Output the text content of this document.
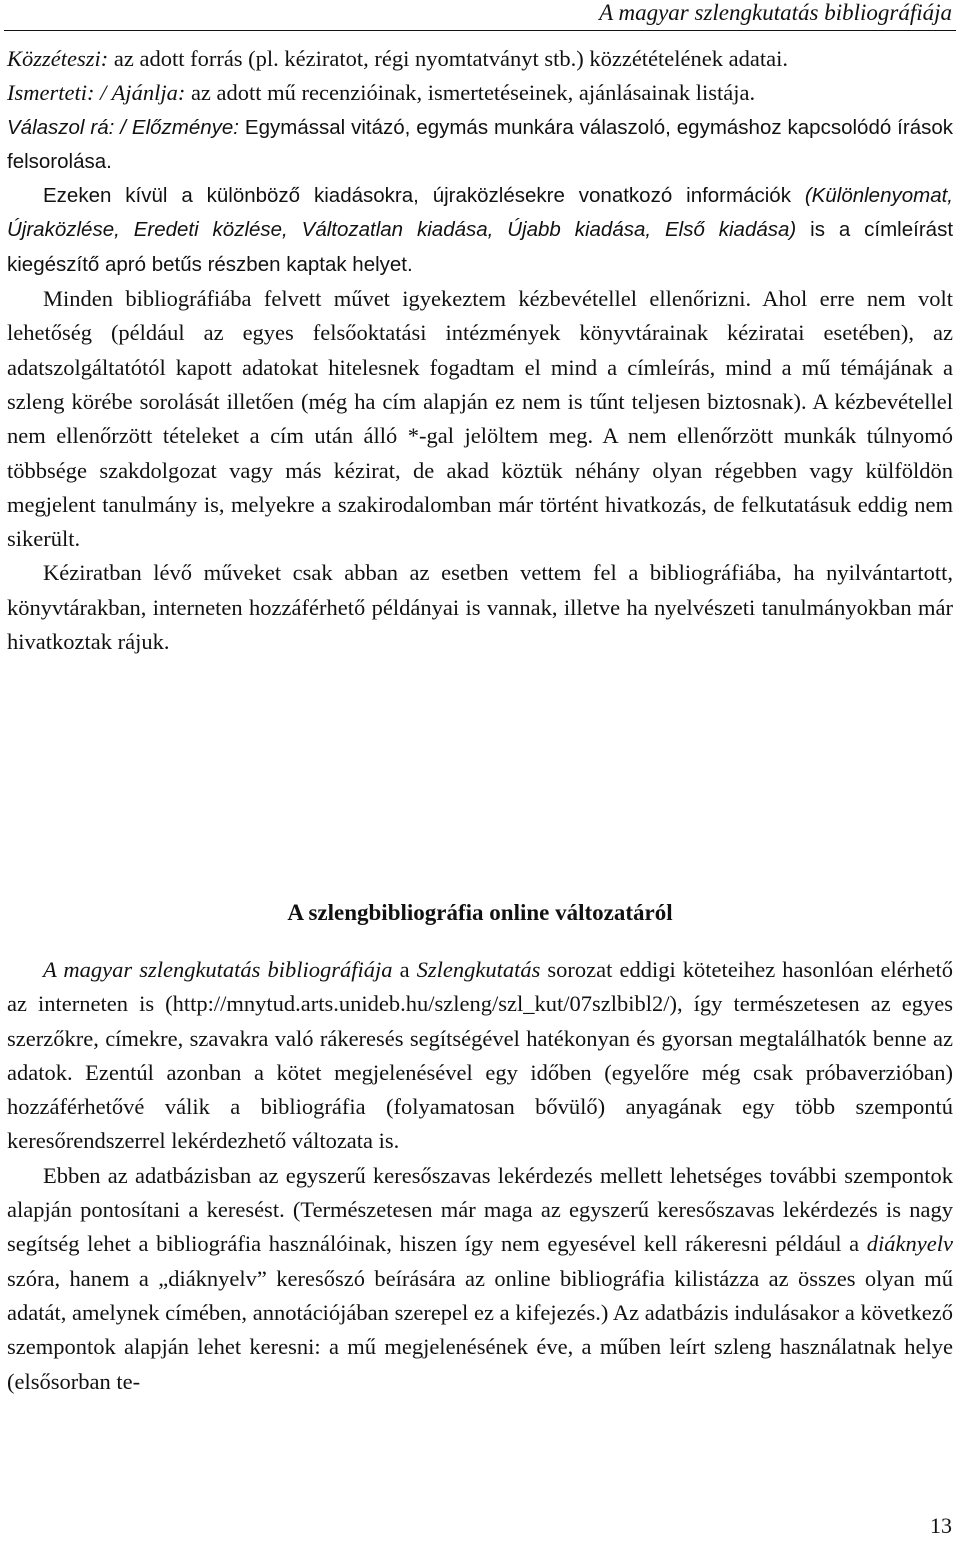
A magyar szlengkutatás bibliográfiája

Közzéteszi: az adott forrás (pl. kéziratot, régi nyomtatványt stb.) közzétételének adatai.

Ismerteti: / Ajánlja: az adott mű recenzióinak, ismertetéseinek, ajánlásainak listája.

Válaszol rá: / Előzménye: Egymással vitázó, egymás munkára válaszoló, egymáshoz kapcsolódó írások felsorolása.

Ezeken kívül a különböző kiadásokra, újraközlésekre vonatkozó információk (Különlenyomat, Újraközlése, Eredeti közlése, Változatlan kiadása, Újabb kiadása, Első kiadása) is a címleírást kiegészítő apró betűs részben kaptak helyet.

Minden bibliográfiába felvett művet igyekeztem kézbevétellel ellenőrizni. Ahol erre nem volt lehetőség (például az egyes felsőoktatási intézmények könyvtárainak kéziratai esetében), az adatszolgáltatótól kapott adatokat hitelesnek fogadtam el mind a címleírás, mind a mű témájának a szleng körébe sorolását illetően (még ha cím alapján ez nem is tűnt teljesen biztosnak). A kézbevétellel nem ellenőrzött tételeket a cím után álló *-gal jelöltem meg. A nem ellenőrzött munkák túlnyomó többsége szakdolgozat vagy más kézirat, de akad köztük néhány olyan régebben vagy külföldön megjelent tanulmány is, melyekre a szakirodalomban már történt hivatkozás, de felkutatásuk eddig nem sikerült.

Kéziratban lévő műveket csak abban az esetben vettem fel a bibliográfiába, ha nyilvántartott, könyvtárakban, interneten hozzáférhető példányai is vannak, illetve ha nyelvészeti tanulmányokban már hivatkoztak rájuk.

A szlengbibliográfia online változatáról

A magyar szlengkutatás bibliográfiája a Szlengkutatás sorozat eddigi köteteihez hasonlóan elérhető az interneten is (http://mnytud.arts.unideb.hu/szleng/szl_kut/07szlbibl2/), így természetesen az egyes szerzőkre, címekre, szavakra való rákeresés segítségével hatékonyan és gyorsan megtalálhatók benne az adatok. Ezentúl azonban a kötet megjelenésével egy időben (egyelőre még csak próbaverzióban) hozzáférhetővé válik a bibliográfia (folyamatosan bővülő) anyagának egy több szempontú keresőrendszerrel lekérdezhető változata is.

Ebben az adatbázisban az egyszerű keresőszavas lekérdezés mellett lehetséges további szempontok alapján pontosítani a keresést. (Természetesen már maga az egyszerű keresőszavas lekérdezés is nagy segítség lehet a bibliográfia használóinak, hiszen így nem egyesével kell rákeresni például a diáknyelv szóra, hanem a „diáknyelv” keresőszó beírására az online bibliográfia kilistázza az összes olyan mű adatát, amelynek címében, annotációjában szerepel ez a kifejezés.) Az adatbázis indulásakor a következő szempontok alapján lehet keresni: a mű megjelenésének éve, a műben leírt szleng használatnak helye (elsősorban te-

13
